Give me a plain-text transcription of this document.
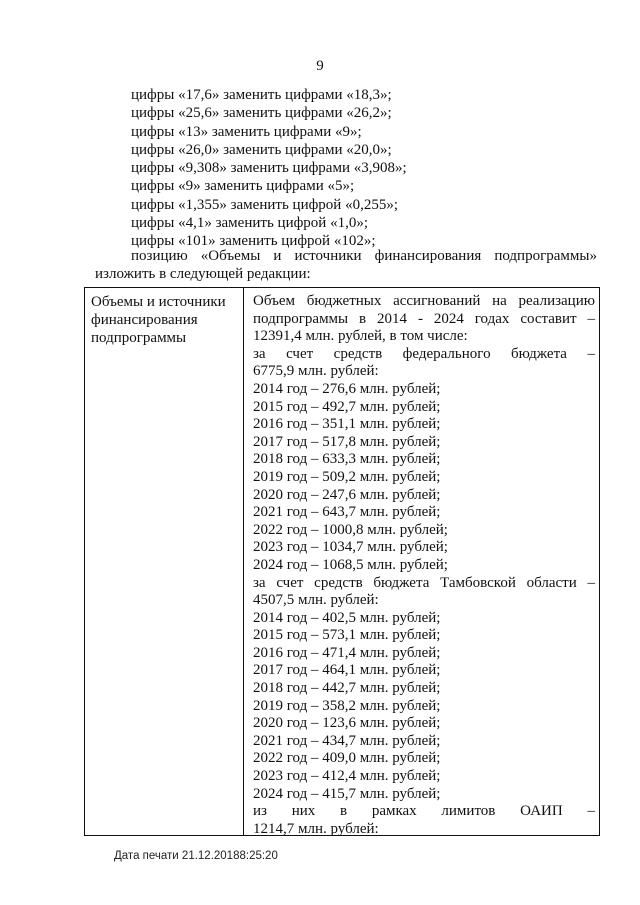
9
цифры «17,6» заменить цифрами «18,3»;
цифры «25,6» заменить цифрами «26,2»;
цифры «13» заменить цифрами «9»;
цифры «26,0» заменить цифрами «20,0»;
цифры «9,308» заменить цифрами «3,908»;
цифры «9» заменить цифрами «5»;
цифры «1,355» заменить цифрой «0,255»;
цифры «4,1» заменить цифрой «1,0»;
цифры «101» заменить цифрой «102»;
позицию «Объемы и источники финансирования подпрограммы»
изложить в следующей редакции:
Объемы и источники
финансирования
подпрограммы
Объем бюджетных ассигнований на реализацию
подпрограммы в 2014 - 2024 годах составит –
12391,4 млн. рублей, в том числе:
за счет средств федерального бюджета –
6775,9 млн. рублей:
2014 год – 276,6 млн. рублей;
2015 год – 492,7 млн. рублей;
2016 год – 351,1 млн. рублей;
2017 год – 517,8 млн. рублей;
2018 год – 633,3 млн. рублей;
2019 год – 509,2 млн. рублей;
2020 год – 247,6 млн. рублей;
2021 год – 643,7 млн. рублей;
2022 год – 1000,8 млн. рублей;
2023 год – 1034,7 млн. рублей;
2024 год – 1068,5 млн. рублей;
за счет средств бюджета Тамбовской области –
4507,5 млн. рублей:
2014 год – 402,5 млн. рублей;
2015 год – 573,1 млн. рублей;
2016 год – 471,4 млн. рублей;
2017 год – 464,1 млн. рублей;
2018 год – 442,7 млн. рублей;
2019 год – 358,2 млн. рублей;
2020 год – 123,6 млн. рублей;
2021 год – 434,7 млн. рублей;
2022 год – 409,0 млн. рублей;
2023 год – 412,4 млн. рублей;
2024 год – 415,7 млн. рублей;
из них в рамках лимитов ОАИП –
1214,7 млн. рублей:
Дата печати 21.12.20188:25:20
